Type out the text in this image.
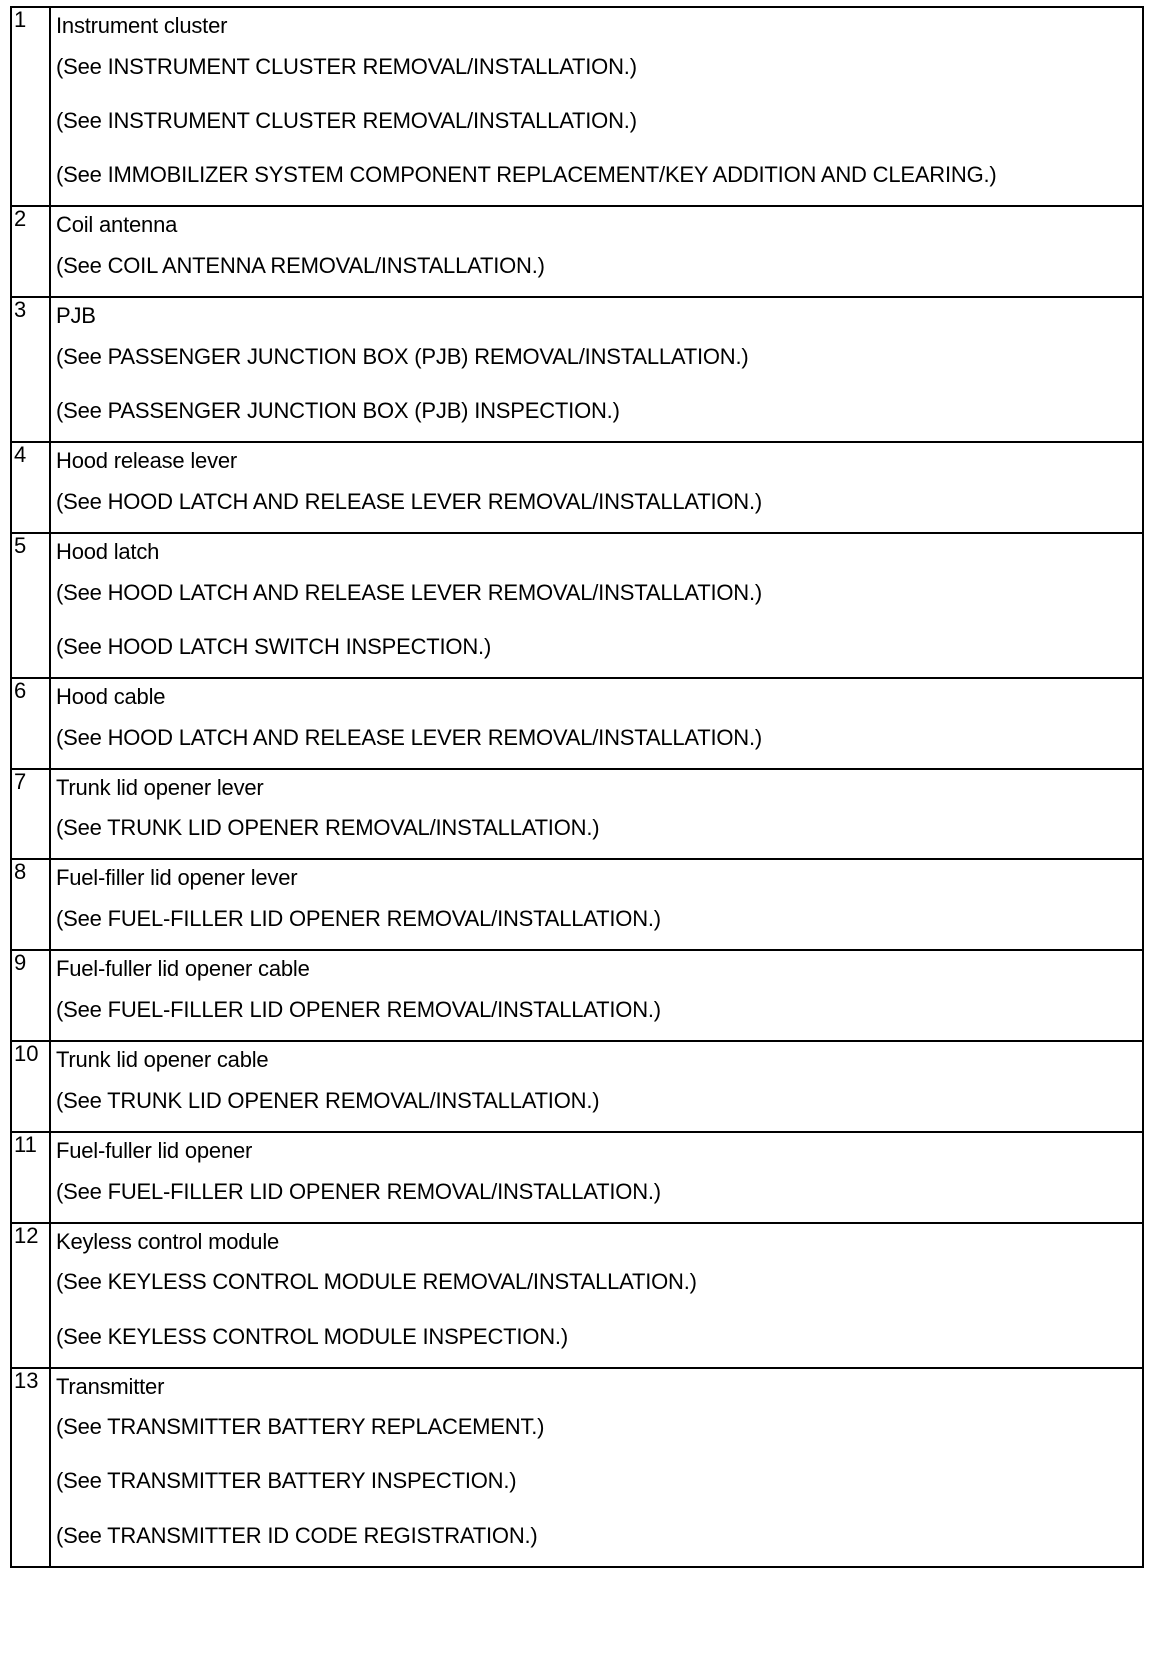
1	Instrument cluster
(See INSTRUMENT CLUSTER REMOVAL/INSTALLATION.)
(See INSTRUMENT CLUSTER REMOVAL/INSTALLATION.)
(See IMMOBILIZER SYSTEM COMPONENT REPLACEMENT/KEY ADDITION AND CLEARING.)

2	Coil antenna
(See COIL ANTENNA REMOVAL/INSTALLATION.)

3	PJB
(See PASSENGER JUNCTION BOX (PJB) REMOVAL/INSTALLATION.)
(See PASSENGER JUNCTION BOX (PJB) INSPECTION.)

4	Hood release lever
(See HOOD LATCH AND RELEASE LEVER REMOVAL/INSTALLATION.)

5	Hood latch
(See HOOD LATCH AND RELEASE LEVER REMOVAL/INSTALLATION.)
(See HOOD LATCH SWITCH INSPECTION.)

6	Hood cable
(See HOOD LATCH AND RELEASE LEVER REMOVAL/INSTALLATION.)

7	Trunk lid opener lever
(See TRUNK LID OPENER REMOVAL/INSTALLATION.)

8	Fuel-filler lid opener lever
(See FUEL-FILLER LID OPENER REMOVAL/INSTALLATION.)

9	Fuel-fuller lid opener cable
(See FUEL-FILLER LID OPENER REMOVAL/INSTALLATION.)

10	Trunk lid opener cable
(See TRUNK LID OPENER REMOVAL/INSTALLATION.)

11	Fuel-fuller lid opener
(See FUEL-FILLER LID OPENER REMOVAL/INSTALLATION.)

12	Keyless control module
(See KEYLESS CONTROL MODULE REMOVAL/INSTALLATION.)
(See KEYLESS CONTROL MODULE INSPECTION.)

13	Transmitter
(See TRANSMITTER BATTERY REPLACEMENT.)
(See TRANSMITTER BATTERY INSPECTION.)
(See TRANSMITTER ID CODE REGISTRATION.)
